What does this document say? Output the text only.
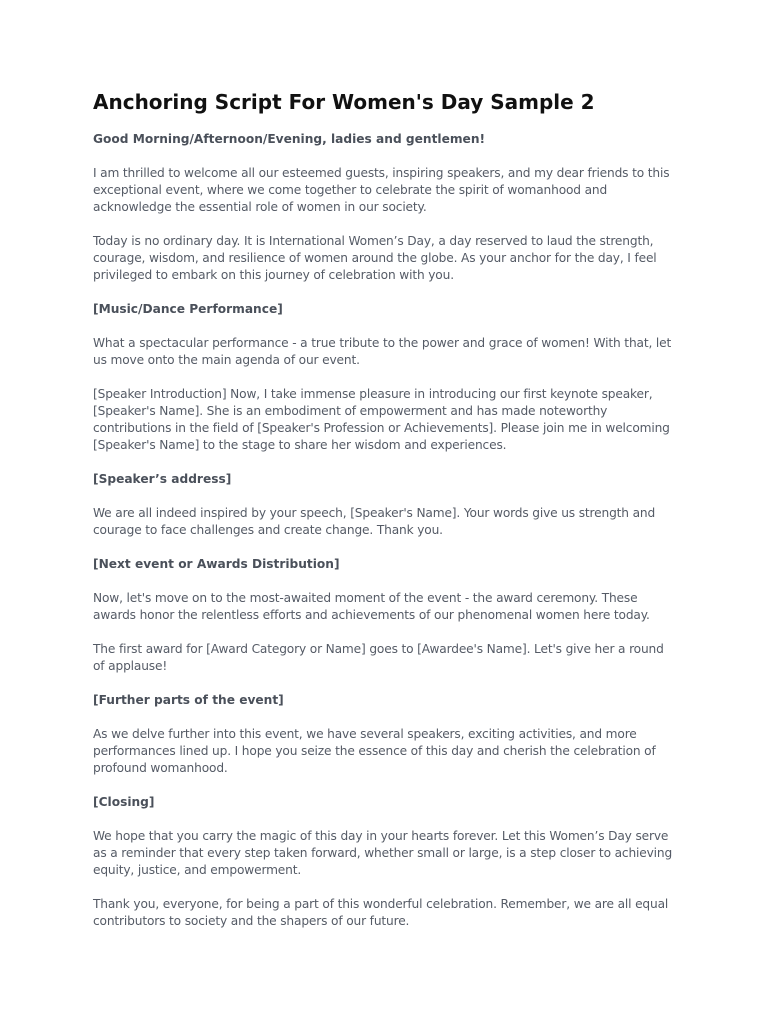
Anchoring Script For Women's Day Sample 2
Good Morning/Afternoon/Evening, ladies and gentlemen!
I am thrilled to welcome all our esteemed guests, inspiring speakers, and my dear friends to this
exceptional event, where we come together to celebrate the spirit of womanhood and
acknowledge the essential role of women in our society.
Today is no ordinary day. It is International Women’s Day, a day reserved to laud the strength,
courage, wisdom, and resilience of women around the globe. As your anchor for the day, I feel
privileged to embark on this journey of celebration with you.
[Music/Dance Performance]
What a spectacular performance - a true tribute to the power and grace of women! With that, let
us move onto the main agenda of our event.
[Speaker Introduction] Now, I take immense pleasure in introducing our first keynote speaker,
[Speaker's Name]. She is an embodiment of empowerment and has made noteworthy
contributions in the field of [Speaker's Profession or Achievements]. Please join me in welcoming
[Speaker's Name] to the stage to share her wisdom and experiences.
[Speaker’s address]
We are all indeed inspired by your speech, [Speaker's Name]. Your words give us strength and
courage to face challenges and create change. Thank you.
[Next event or Awards Distribution]
Now, let's move on to the most-awaited moment of the event - the award ceremony. These
awards honor the relentless efforts and achievements of our phenomenal women here today.
The first award for [Award Category or Name] goes to [Awardee's Name]. Let's give her a round
of applause!
[Further parts of the event]
As we delve further into this event, we have several speakers, exciting activities, and more
performances lined up. I hope you seize the essence of this day and cherish the celebration of
profound womanhood.
[Closing]
We hope that you carry the magic of this day in your hearts forever. Let this Women’s Day serve
as a reminder that every step taken forward, whether small or large, is a step closer to achieving
equity, justice, and empowerment.
Thank you, everyone, for being a part of this wonderful celebration. Remember, we are all equal
contributors to society and the shapers of our future.
